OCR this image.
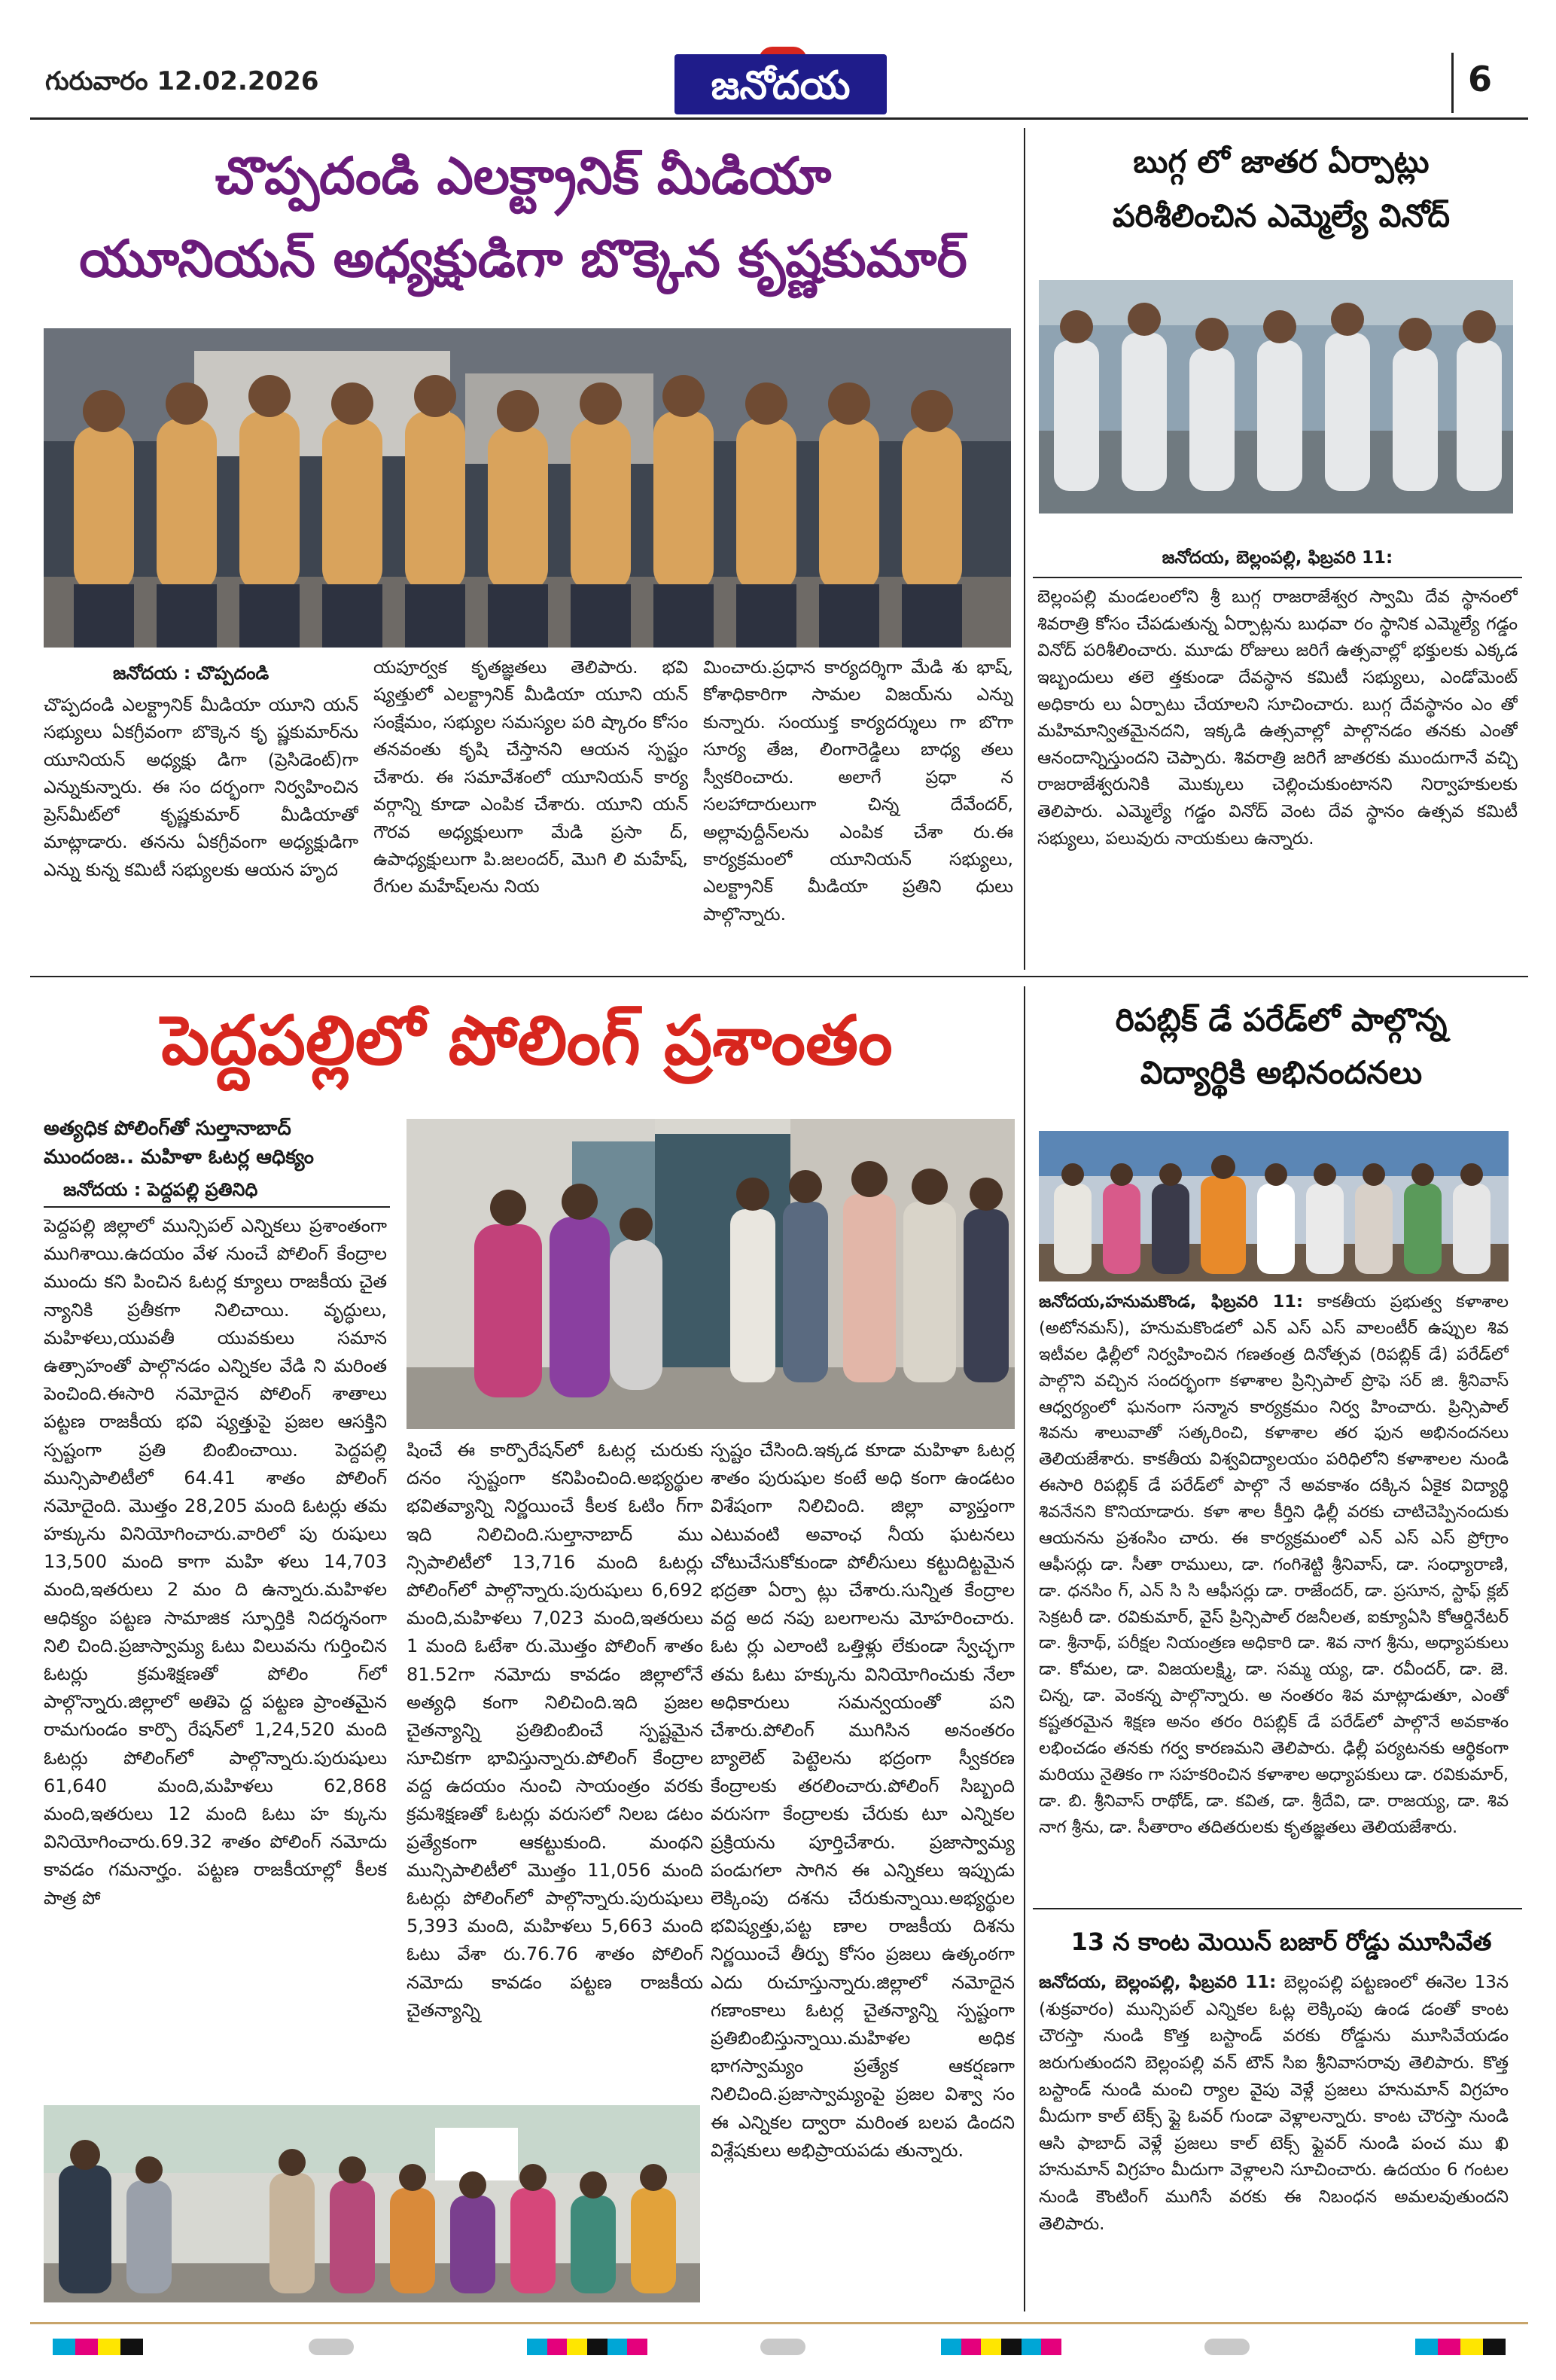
గురువారం 12.02.2026	జనోదయ	6
చొప్పదండి ఎలక్ట్రానిక్ మీడియా
యూనియన్ అధ్యక్షుడిగా బొక్కెన కృష్ణకుమార్
జనోదయ : చొప్పదండి
చొప్పదండి ఎలక్ట్రానిక్ మీడియా యూని యన్ సభ్యులు ఏకగ్రీవంగా బొక్కెన కృ ష్ణకుమార్‌ను యూనియన్ అధ్యక్షు డిగా (ప్రెసిడెంట్)గా ఎన్నుకున్నారు. ఈ సం దర్భంగా నిర్వహించిన ప్రెస్‌మీట్‌లో కృష్ణకుమార్ మీడియాతో మాట్లాడారు. తనను ఏకగ్రీవంగా అధ్యక్షుడిగా ఎన్ను కున్న కమిటీ సభ్యులకు ఆయన హృద
యపూర్వక కృతజ్ఞతలు తెలిపారు. భవి ష్యత్తులో ఎలక్ట్రానిక్ మీడియా యూని యన్ సంక్షేమం, సభ్యుల సమస్యల పరి ష్కారం కోసం తనవంతు కృషి చేస్తానని ఆయన స్పష్టం చేశారు. ఈ సమావేశంలో యూనియన్ కార్య వర్గాన్ని కూడా ఎంపిక చేశారు. యూని యన్ గౌరవ అధ్యక్షులుగా మేడి ప్రసా ద్, ఉపాధ్యక్షులుగా పి.జలందర్, మొగి లి మహేష్, రేగుల మహేష్‌లను నియ
మించారు.ప్రధాన కార్యదర్శిగా మేడి శు భాష్, కోశాధికారిగా సామల విజయ్‌ను ఎన్ను కున్నారు. సంయుక్త కార్యదర్శులు గా బొగా సూర్య తేజ, లింగారెడ్డిలు బాధ్య తలు స్వీకరించారు. అలాగే ప్రధా న సలహాదారులుగా చిన్న దేవేందర్, అల్లావుద్దీన్‌లను ఎంపిక చేశా రు.ఈ కార్యక్రమంలో యూనియన్ సభ్యులు, ఎలక్ట్రానిక్ మీడియా ప్రతిని ధులు పాల్గొన్నారు.
బుగ్గ లో జాతర ఏర్పాట్లు
పరిశీలించిన ఎమ్మెల్యే వినోద్
జనోదయ, బెల్లంపల్లి, ఫిబ్రవరి 11:
బెల్లంపల్లి మండలంలోని శ్రీ బుగ్గ రాజరాజేశ్వర స్వామి దేవ స్థానంలో శివరాత్రి కోసం చేపడుతున్న ఏర్పాట్లను బుధవా రం స్థానిక ఎమ్మెల్యే గడ్డం వినోద్ పరిశీలించారు. మూడు రోజులు జరిగే ఉత్సవాల్లో భక్తులకు ఎక్కడ ఇబ్బందులు తలె త్తకుండా దేవస్థాన కమిటీ సభ్యులు, ఎండోమెంట్ అధికారు లు ఏర్పాటు చేయాలని సూచించారు. బుగ్గ దేవస్థానం ఎం తో మహిమాన్వితమైనదని, ఇక్కడి ఉత్సవాల్లో పాల్గొనడం తనకు ఎంతో ఆనందాన్నిస్తుందని చెప్పారు. శివరాత్రి జరిగే జాతరకు ముందుగానే వచ్చి రాజరాజేశ్వరునికి మొక్కులు చెల్లించుకుంటానని నిర్వాహకులకు తెలిపారు. ఎమ్మెల్యే గడ్డం వినోద్ వెంట దేవ స్థానం ఉత్సవ కమిటీ సభ్యులు, పలువురు నాయకులు ఉన్నారు.
పెద్దపల్లిలో పోలింగ్ ప్రశాంతం
అత్యధిక పోలింగ్‌తో సుల్తానాబాద్
ముందంజ.. మహిళా ఓటర్ల ఆధిక్యం
జనోదయ : పెద్దపల్లి ప్రతినిధి
పెద్దపల్లి జిల్లాలో మున్సిపల్ ఎన్నికలు ప్రశాంతంగా ముగిశాయి.ఉదయం వేళ నుంచే పోలింగ్ కేంద్రాల ముందు కని పించిన ఓటర్ల క్యూలు రాజకీయ చైత న్యానికి ప్రతీకగా నిలిచాయి. వృద్ధులు, మహిళలు,యువతీ యువకులు సమాన ఉత్సాహంతో పాల్గొనడం ఎన్నికల వేడి ని మరింత పెంచింది.ఈసారి నమోదైన పోలింగ్ శాతాలు పట్టణ రాజకీయ భవి ష్యత్తుపై ప్రజల ఆసక్తిని స్పష్టంగా ప్రతి బింబించాయి. పెద్దపల్లి మున్సిపాలిటీలో 64.41 శాతం పోలింగ్ నమోదైంది. మొత్తం 28,205 మంది ఓటర్లు తమ హక్కును వినియోగించారు.వారిలో పు రుషులు 13,500 మంది కాగా మహి ళలు 14,703 మంది,ఇతరులు 2 మం ది ఉన్నారు.మహిళల ఆధిక్యం పట్టణ సామాజిక స్ఫూర్తికి నిదర్శనంగా నిలి చింది.ప్రజాస్వామ్య ఓటు విలువను గుర్తించిన ఓటర్లు క్రమశిక్షణతో పోలిం గ్‌లో పాల్గొన్నారు.జిల్లాలో అతిపె ద్ద పట్టణ ప్రాంతమైన రామగుండం కార్పొ రేషన్‌లో 1,24,520 మంది ఓటర్లు పోలింగ్‌లో పాల్గొన్నారు.పురుషులు 61,640 మంది,మహిళలు 62,868 మంది,ఇతరులు 12 మంది ఓటు హ క్కును వినియోగించారు.69.32 శాతం పోలింగ్ నమోదు కావడం గమనార్హం. పట్టణ రాజకీయాల్లో కీలక పాత్ర పో
షించే ఈ కార్పొరేషన్‌లో ఓటర్ల చురుకు దనం స్పష్టంగా కనిపించింది.అభ్యర్థుల భవితవ్యాన్ని నిర్ణయించే కీలక ఓటిం గ్‌గా ఇది నిలిచింది.సుల్తానాబాద్ ము న్సిపాలిటీలో 13,716 మంది ఓటర్లు పోలింగ్‌లో పాల్గొన్నారు.పురుషులు 6,692 మంది,మహిళలు 7,023 మంది,ఇతరులు 1 మంది ఓటేశా రు.మొత్తం పోలింగ్ శాతం 81.52గా నమోదు కావడం జిల్లాలోనే అత్యధి కంగా నిలిచింది.ఇది ప్రజల చైతన్యాన్ని ప్రతిబింబించే స్పష్టమైన సూచికగా భావిస్తున్నారు.పోలింగ్ కేంద్రాల వద్ద ఉదయం నుంచి సాయంత్రం వరకు క్రమశిక్షణతో ఓటర్లు వరుసలో నిలబ డటం ప్రత్యేకంగా ఆకట్టుకుంది. మంథని మున్సిపాలిటీలో మొత్తం 11,056 మంది ఓటర్లు పోలింగ్‌లో పాల్గొన్నారు.పురుషులు 5,393 మంది, మహిళలు 5,663 మంది ఓటు వేశా రు.76.76 శాతం పోలింగ్ నమోదు కావడం పట్టణ రాజకీయ చైతన్యాన్ని
స్పష్టం చేసింది.ఇక్కడ కూడా మహిళా ఓటర్ల శాతం పురుషుల కంటే అధి కంగా ఉండటం విశేషంగా నిలిచింది. జిల్లా వ్యాప్తంగా ఎటువంటి అవాంఛ నీయ ఘటనలు చోటుచేసుకోకుండా పోలీసులు కట్టుదిట్టమైన భద్రతా ఏర్పా ట్లు చేశారు.సున్నిత కేంద్రాల వద్ద అద నపు బలగాలను మోహరించారు. ఓట ర్లు ఎలాంటి ఒత్తిళ్లు లేకుండా స్వేచ్ఛగా తమ ఓటు హక్కును వినియోగించుకు నేలా అధికారులు సమన్వయంతో పని చేశారు.పోలింగ్ ముగిసిన అనంతరం బ్యాలెట్ పెట్టెలను భద్రంగా స్వీకరణ కేంద్రాలకు తరలించారు.పోలింగ్ సిబ్బంది వరుసగా కేంద్రాలకు చేరుకు టూ ఎన్నికల ప్రక్రియను పూర్తిచేశారు. ప్రజాస్వామ్య పండుగలా సాగిన ఈ ఎన్నికలు ఇప్పుడు లెక్కింపు దశను చేరుకున్నాయి.అభ్యర్థుల భవిష్యత్తు,పట్ట ణాల రాజకీయ దిశను నిర్ణయించే తీర్పు కోసం ప్రజలు ఉత్కంఠగా ఎదు రుచూస్తున్నారు.జిల్లాలో నమోదైన గణాంకాలు ఓటర్ల చైతన్యాన్ని స్పష్టంగా ప్రతిబింబిస్తున్నాయి.మహిళల అధిక భాగస్వామ్యం ప్రత్యేక ఆకర్షణగా నిలిచింది.ప్రజాస్వామ్యంపై ప్రజల విశ్వా సం ఈ ఎన్నికల ద్వారా మరింత బలప డిందని విశ్లేషకులు అభిప్రాయపడు తున్నారు.
రిపబ్లిక్ డే పరేడ్‌లో పాల్గొన్న
విద్యార్థికి అభినందనలు
జనోదయ,హనుమకొండ, ఫిబ్రవరి 11: కాకతీయ ప్రభుత్వ కళాశాల (అటోనమస్), హనుమకొండలో ఎన్ ఎస్ ఎస్ వాలంటీర్ ఉప్పుల శివ ఇటీవల ఢిల్లీలో నిర్వహించిన గణతంత్ర దినోత్సవ (రిపబ్లిక్ డే) పరేడ్‌లో పాల్గొని వచ్చిన సందర్భంగా కళాశాల ప్రిన్సిపాల్ ప్రొఫె సర్ జి. శ్రీనివాస్ ఆధ్వర్యంలో ఘనంగా సన్మాన కార్యక్రమం నిర్వ హించారు. ప్రిన్సిపాల్ శివను శాలువాతో సత్కరించి, కళాశాల తర ఫున అభినందనలు తెలియజేశారు. కాకతీయ విశ్వవిద్యాలయం పరిధిలోని కళాశాలల నుండి ఈసారి రిపబ్లిక్ డే పరేడ్‌లో పాల్గొ నే అవకాశం దక్కిన ఏకైక విద్యార్థి శివనేనని కొనియాడారు. కళా శాల కీర్తిని ఢిల్లీ వరకు చాటిచెప్పినందుకు ఆయనను ప్రశంసిం చారు. ఈ కార్యక్రమంలో ఎన్ ఎస్ ఎస్ ప్రోగ్రాం ఆఫీసర్లు డా. సీతా రాములు, డా. గంగిశెట్టి శ్రీనివాస్, డా. సంధ్యారాణి, డా. ధనసిం గ్, ఎన్ సి సి ఆఫీసర్లు డా. రాజేందర్, డా. ప్రసూన, స్టాఫ్ క్లబ్ సెక్రటరీ డా. రవికుమార్, వైస్ ప్రిన్సిపాల్ రజనీలత, ఐక్యూఏసి కోఆర్డినేటర్ డా. శ్రీనాథ్, పరీక్షల నియంత్రణ అధికారి డా. శివ నాగ శ్రీను, అధ్యాపకులు డా. కోమల, డా. విజయలక్ష్మి, డా. సమ్మ య్య, డా. రవీందర్, డా. జె. చిన్న, డా. వెంకన్న పాల్గొన్నారు. అ నంతరం శివ మాట్లాడుతూ, ఎంతో కష్టతరమైన శిక్షణ అనం తరం రిపబ్లిక్ డే పరేడ్‌లో పాల్గొనే అవకాశం లభించడం తనకు గర్వ కారణమని తెలిపారు. ఢిల్లీ పర్యటనకు ఆర్థికంగా మరియు నైతికం గా సహకరించిన కళాశాల అధ్యాపకులు డా. రవికుమార్, డా. బి. శ్రీనివాస్ రాథోడ్, డా. కవిత, డా. శ్రీదేవి, డా. రాజయ్య, డా. శివ నాగ శ్రీను, డా. సీతారాం తదితరులకు కృతజ్ఞతలు తెలియజేశారు.
13 న కాంట మెయిన్ బజార్ రోడ్డు మూసివేత
జనోదయ, బెల్లంపల్లి, ఫిబ్రవరి 11: బెల్లంపల్లి పట్టణంలో ఈనెల 13న (శుక్రవారం) మున్సిపల్ ఎన్నికల ఓట్ల లెక్కింపు ఉండ డంతో కాంట చౌరస్తా నుండి కొత్త బస్టాండ్ వరకు రోడ్డును మూసివేయడం జరుగుతుందని బెల్లంపల్లి వన్ టౌన్ సిఐ శ్రీనివాసరావు తెలిపారు. కొత్త బస్టాండ్ నుండి మంచి ర్యాల వైపు వెళ్లే ప్రజలు హనుమాన్ విగ్రహం మీదుగా కాల్ టెక్స్ ఫ్లై ఓవర్ గుండా వెళ్లాలన్నారు. కాంట చౌరస్తా నుండి ఆసి ఫాబాద్ వెళ్లే ప్రజలు కాల్ టెక్స్ ఫ్లైవర్ నుండి పంచ ము ఖి హనుమాన్ విగ్రహం మీదుగా వెళ్లాలని సూచించారు. ఉదయం 6 గంటల నుండి కౌంటింగ్ ముగిసే వరకు ఈ నిబంధన అమలవుతుందని తెలిపారు.
